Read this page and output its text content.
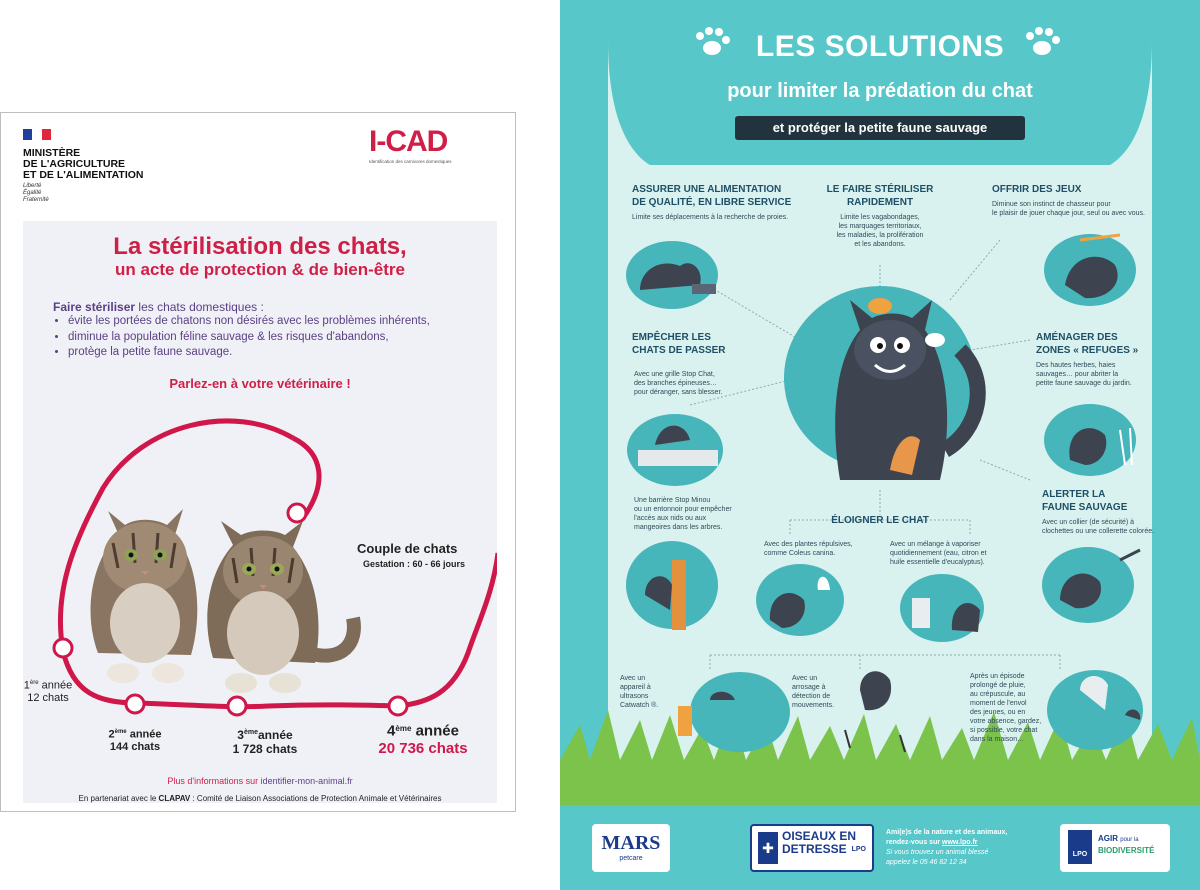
MINISTÈRE
DE L'AGRICULTURE
ET DE L'ALIMENTATION
Liberté
Égalité
Fraternité
I-CAD
Identification des carnivores domestiques
La stérilisation des chats,
un acte de protection & de bien-être
Faire stériliser les chats domestiques :
• évite les portées de chatons non désirés avec les problèmes inhérents,
• diminue la population féline sauvage & les risques d'abandons,
• protège la petite faune sauvage.
Parlez-en à votre vétérinaire !
Couple de chats
Gestation : 60 - 66 jours
1ère année
12 chats
2ème année
144 chats
3èmeannée
1 728 chats
4ème année
20 736 chats
Plus d'informations sur identifier-mon-animal.fr
En partenariat avec le CLAPAV : Comité de Liaison Associations de Protection Animale et Vétérinaires
LES SOLUTIONS
pour limiter la prédation du chat
et protéger la petite faune sauvage
ASSURER UNE ALIMENTATION
DE QUALITÉ, EN LIBRE SERVICE
Limite ses déplacements à la recherche de proies.
LE FAIRE STÉRILISER
RAPIDEMENT
Limite les vagabondages,
les marquages territoriaux,
les maladies, la prolifération
et les abandons.
OFFRIR DES JEUX
Diminue son instinct de chasseur pour
le plaisir de jouer chaque jour, seul ou avec vous.
EMPÊCHER LES
CHATS DE PASSER
Avec une grille Stop Chat,
des branches épineuses…
pour déranger, sans blesser.
Une barrière Stop Minou
ou un entonnoir pour empêcher
l'accès aux nids ou aux
mangeoires dans les arbres.
AMÉNAGER DES
ZONES « REFUGES »
Des hautes herbes, haies
sauvages… pour abriter la
petite faune sauvage du jardin.
ALERTER LA
FAUNE SAUVAGE
Avec un collier (de sécurité) à
clochettes ou une collerette colorée.
ÉLOIGNER LE CHAT
Avec des plantes répulsives,
comme Coleus canina.
Avec un mélange à vaporiser
quotidiennement (eau, citron et
huile essentielle d'eucalyptus).
Avec un
appareil à
ultrasons
Catwatch ®.
Avec un
arrosage à
détection de
mouvements.
Après un épisode
prolongé de pluie,
au crépuscule, au
moment de l'envol
des jeunes, ou en
votre absence, gardez,
si possible, votre chat
dans la maison…
MARS
petcare
✚
OISEAUX EN
DETRESSE LPO
Ami(e)s de la nature et des animaux,
rendez-vous sur www.lpo.fr
Si vous trouvez un animal blessé
appelez le 05 46 82 12 34
LPO
AGIR pour la
BIODIVERSITÉ
